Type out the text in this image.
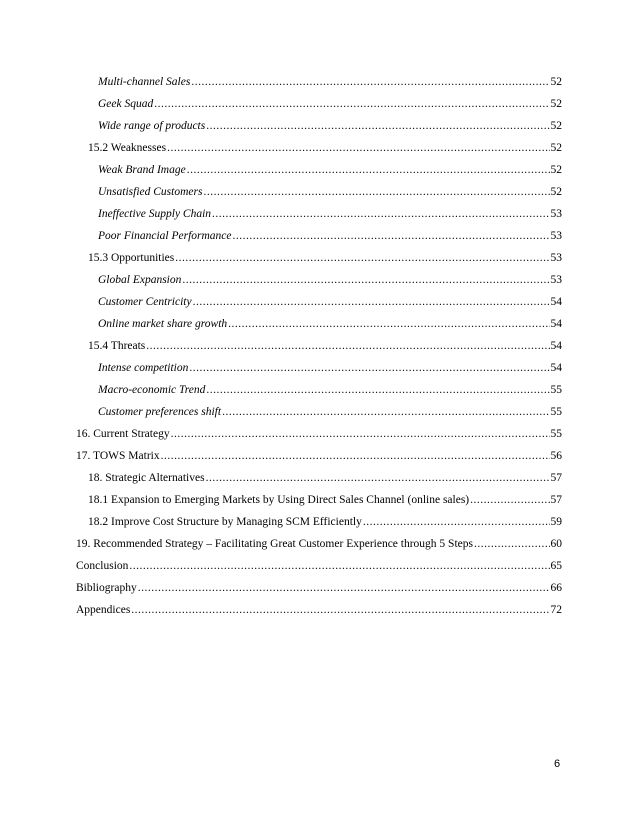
Multi-channel Sales .....	52
Geek Squad .....	52
Wide range of products .....	52
15.2 Weaknesses .....	52
Weak Brand Image .....	52
Unsatisfied Customers .....	52
Ineffective Supply Chain .....	53
Poor Financial Performance .....	53
15.3 Opportunities .....	53
Global Expansion .....	53
Customer Centricity .....	54
Online market share growth .....	54
15.4 Threats .....	54
Intense competition .....	54
Macro-economic Trend .....	55
Customer preferences shift .....	55
16. Current Strategy .....	55
17. TOWS Matrix .....	56
18. Strategic Alternatives .....	57
18.1 Expansion to Emerging Markets by Using Direct Sales Channel (online sales) .....	57
18.2 Improve Cost Structure by Managing SCM Efficiently .....	59
19. Recommended Strategy – Facilitating Great Customer Experience through 5 Steps .....	60
Conclusion .....	65
Bibliography .....	66
Appendices .....	72
6
